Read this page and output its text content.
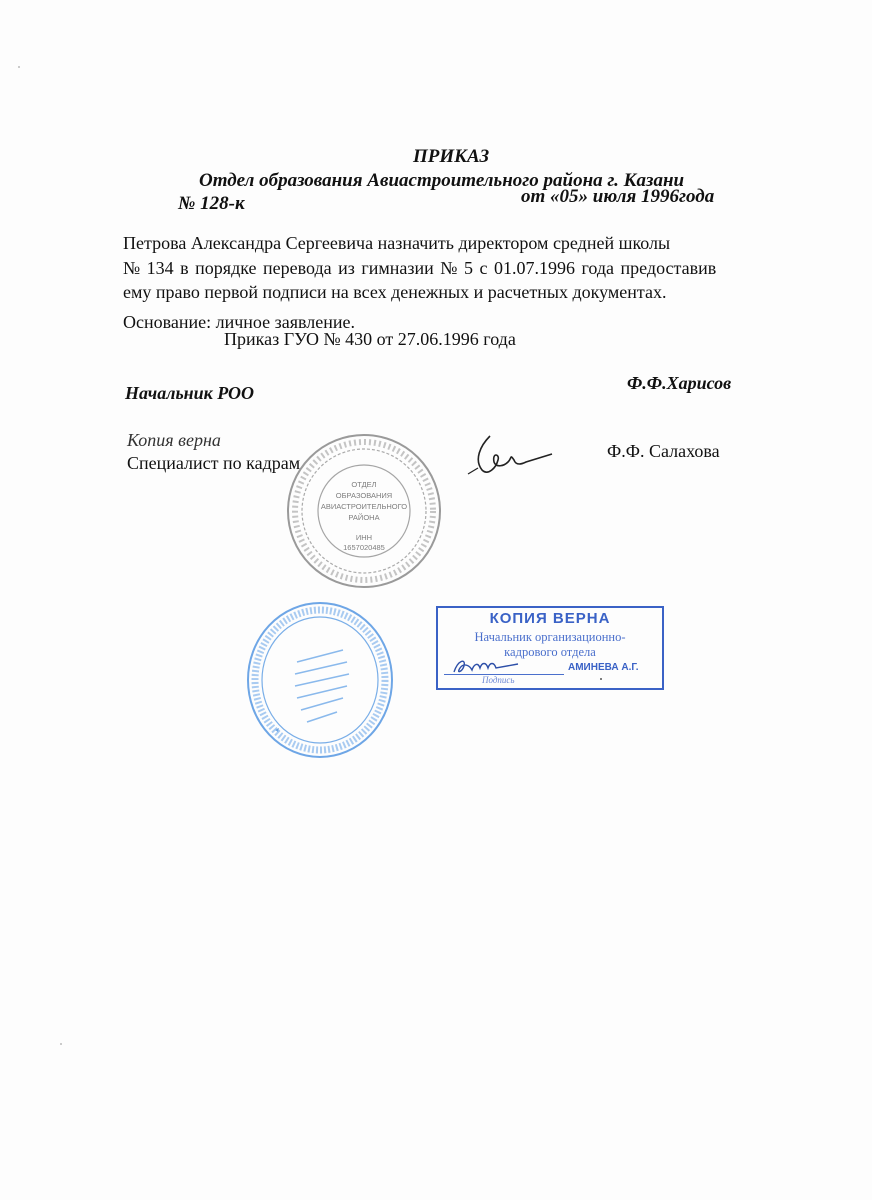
ПРИКАЗ
Отдел образования Авиастроительного района г. Казани
№ 128-к	от «05» июля 1996года
Петрова Александра Сергеевича назначить директором средней школы
№ 134 в порядке перевода из гимназии № 5 с 01.07.1996 года предоставив
ему право первой подписи на всех денежных и расчетных документах.
Основание: личное заявление.
Приказ ГУО № 430 от 27.06.1996 года
Начальник РОО	Ф.Ф.Харисов
Копия верна
Специалист по кадрам
Ф.Ф. Салахова
ОТДЕЛ
ОБРАЗОВАНИЯ
АВИАСТРОИТЕЛЬНОГО
РАЙОНА
ИНН
1657020485
КОПИЯ ВЕРНА
Начальник организационно-
кадрового отдела
АМИНЕВА А.Г.
Подпись
